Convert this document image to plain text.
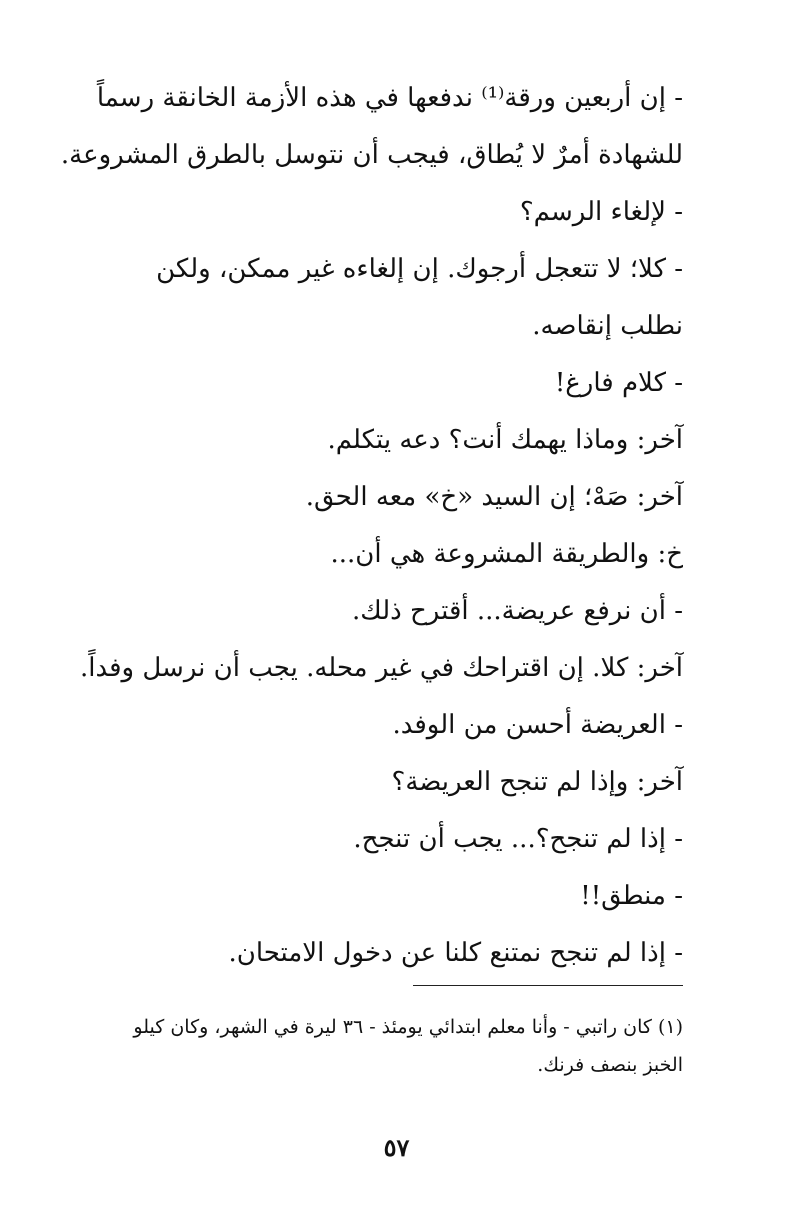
- إن أربعين ورقة⁽¹⁾ ندفعها في هذه الأزمة الخانقة رسماً
للشهادة أمرٌ لا يُطاق، فيجب أن نتوسل بالطرق المشروعة.

- لإلغاء الرسم؟

- كلا؛ لا تتعجل أرجوك. إن إلغاءه غير ممكن، ولكن
نطلب إنقاصه.

- كلام فارغ!

آخر: وماذا يهمك أنت؟ دعه يتكلم.

آخر: صَهْ؛ إن السيد «خ» معه الحق.

خ: والطريقة المشروعة هي أن...

- أن نرفع عريضة... أقترح ذلك.

آخر: كلا. إن اقتراحك في غير محله. يجب أن نرسل وفداً.

- العريضة أحسن من الوفد.

آخر: وإذا لم تنجح العريضة؟

- إذا لم تنجح؟... يجب أن تنجح.

- منطق!!

- إذا لم تنجح نمتنع كلنا عن دخول الامتحان.

(١) كان راتبي - وأنا معلم ابتدائي يومئذ - ٣٦ ليرة في الشهر، وكان كيلو
الخبز بنصف فرنك.
٥٧
